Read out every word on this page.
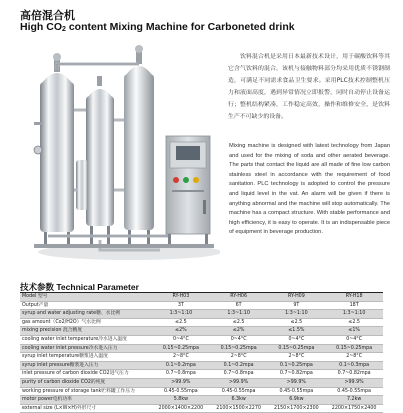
高倍混合机
High $CO_2$ content Mixing Machine for Carboneted drink
饮料混合机是采用日本最新技术设计，用于碳酸饮料等其它含气饮料的混合，该机与接触物料部分均采用优质不锈钢制造，可满足不同需求食品卫生要求。采用PLC技术控制整机压力和液面高度，遇到异常情况立即报警，同时自动停止设备运行；整机结构紧凑，工作稳定高效，操作和维修安全，是饮料生产不可缺少的设备。
Mixing machine is designed with latest technology from Japan and used for the mixing of soda and other aerated beverage. The parts that contact the liquid are all made of fine low carbon stainless steel in accordance with the requirement of food sanitation. PLC technology is adopted to control the pressure and liquid level in the vat. An alarm will be given if there is anything abnormal and the machine will stop automatically. The machine has a compact structure. With stable performance and high efficiency, it is easy to operate. It is an indispensable piece of equipment in beverage production.
技术参数 Technical Parameter
Model 型号	RY-H03	RY-H06	RY-H09	RY-H18
Output产量	3T	6T	9T	18T
syrup and water adjusting rate糖、水比例	1:3~1:10	1:3~1:10	1:3~1:10	1:3~1:10
gas amount（Co2/H2O）气水比例	≤2.5	≤2.5	≤2.5	≤2.5
mixing precision 混合精度	≤2%	≤2%	≤1.5%	≤1%
cooling water inlet temperature冷水进入温度	0~4°C	0~4°C	0~4°C	0~4°C
cooling water inlet pressure冷水进入压力	0.15~0.25mpa	0.15~0.25mpa	0.15~0.25mpa	0.15~0.25mpa
syrup inlet temperature糖浆进入温度	2~8°C	2~8°C	2~8°C	2~8°C
syrup inlet pressure糖浆进入压力	0.1~0.2mpa	0.1~0.2mpa	0.1~0.25mpa	0.1~0.3mpa
inlet pressure of carbon dioxide CO2进气压力	0.7~0.8mpa	0.7~0.8mpa	0.7~0.82mpa	0.7~0.82mpa
purity of carbon dioxide CO2的纯度	>99.9%	>99.9%	>99.9%	>99.9%
working pressure of storage tank贮料罐工作压力	0.45-0.55mpa	0.45-0.55mpa	0.45-0.55mpa	0.45-0.55mpa
motor power电机功率	5.8kw	6.3kw	6.9kw	7.2kw
external size (L×W×H)外形尺寸	2000×1400×2200	2100×1500×2270	2150×1700×2300	2200×1750×2400
